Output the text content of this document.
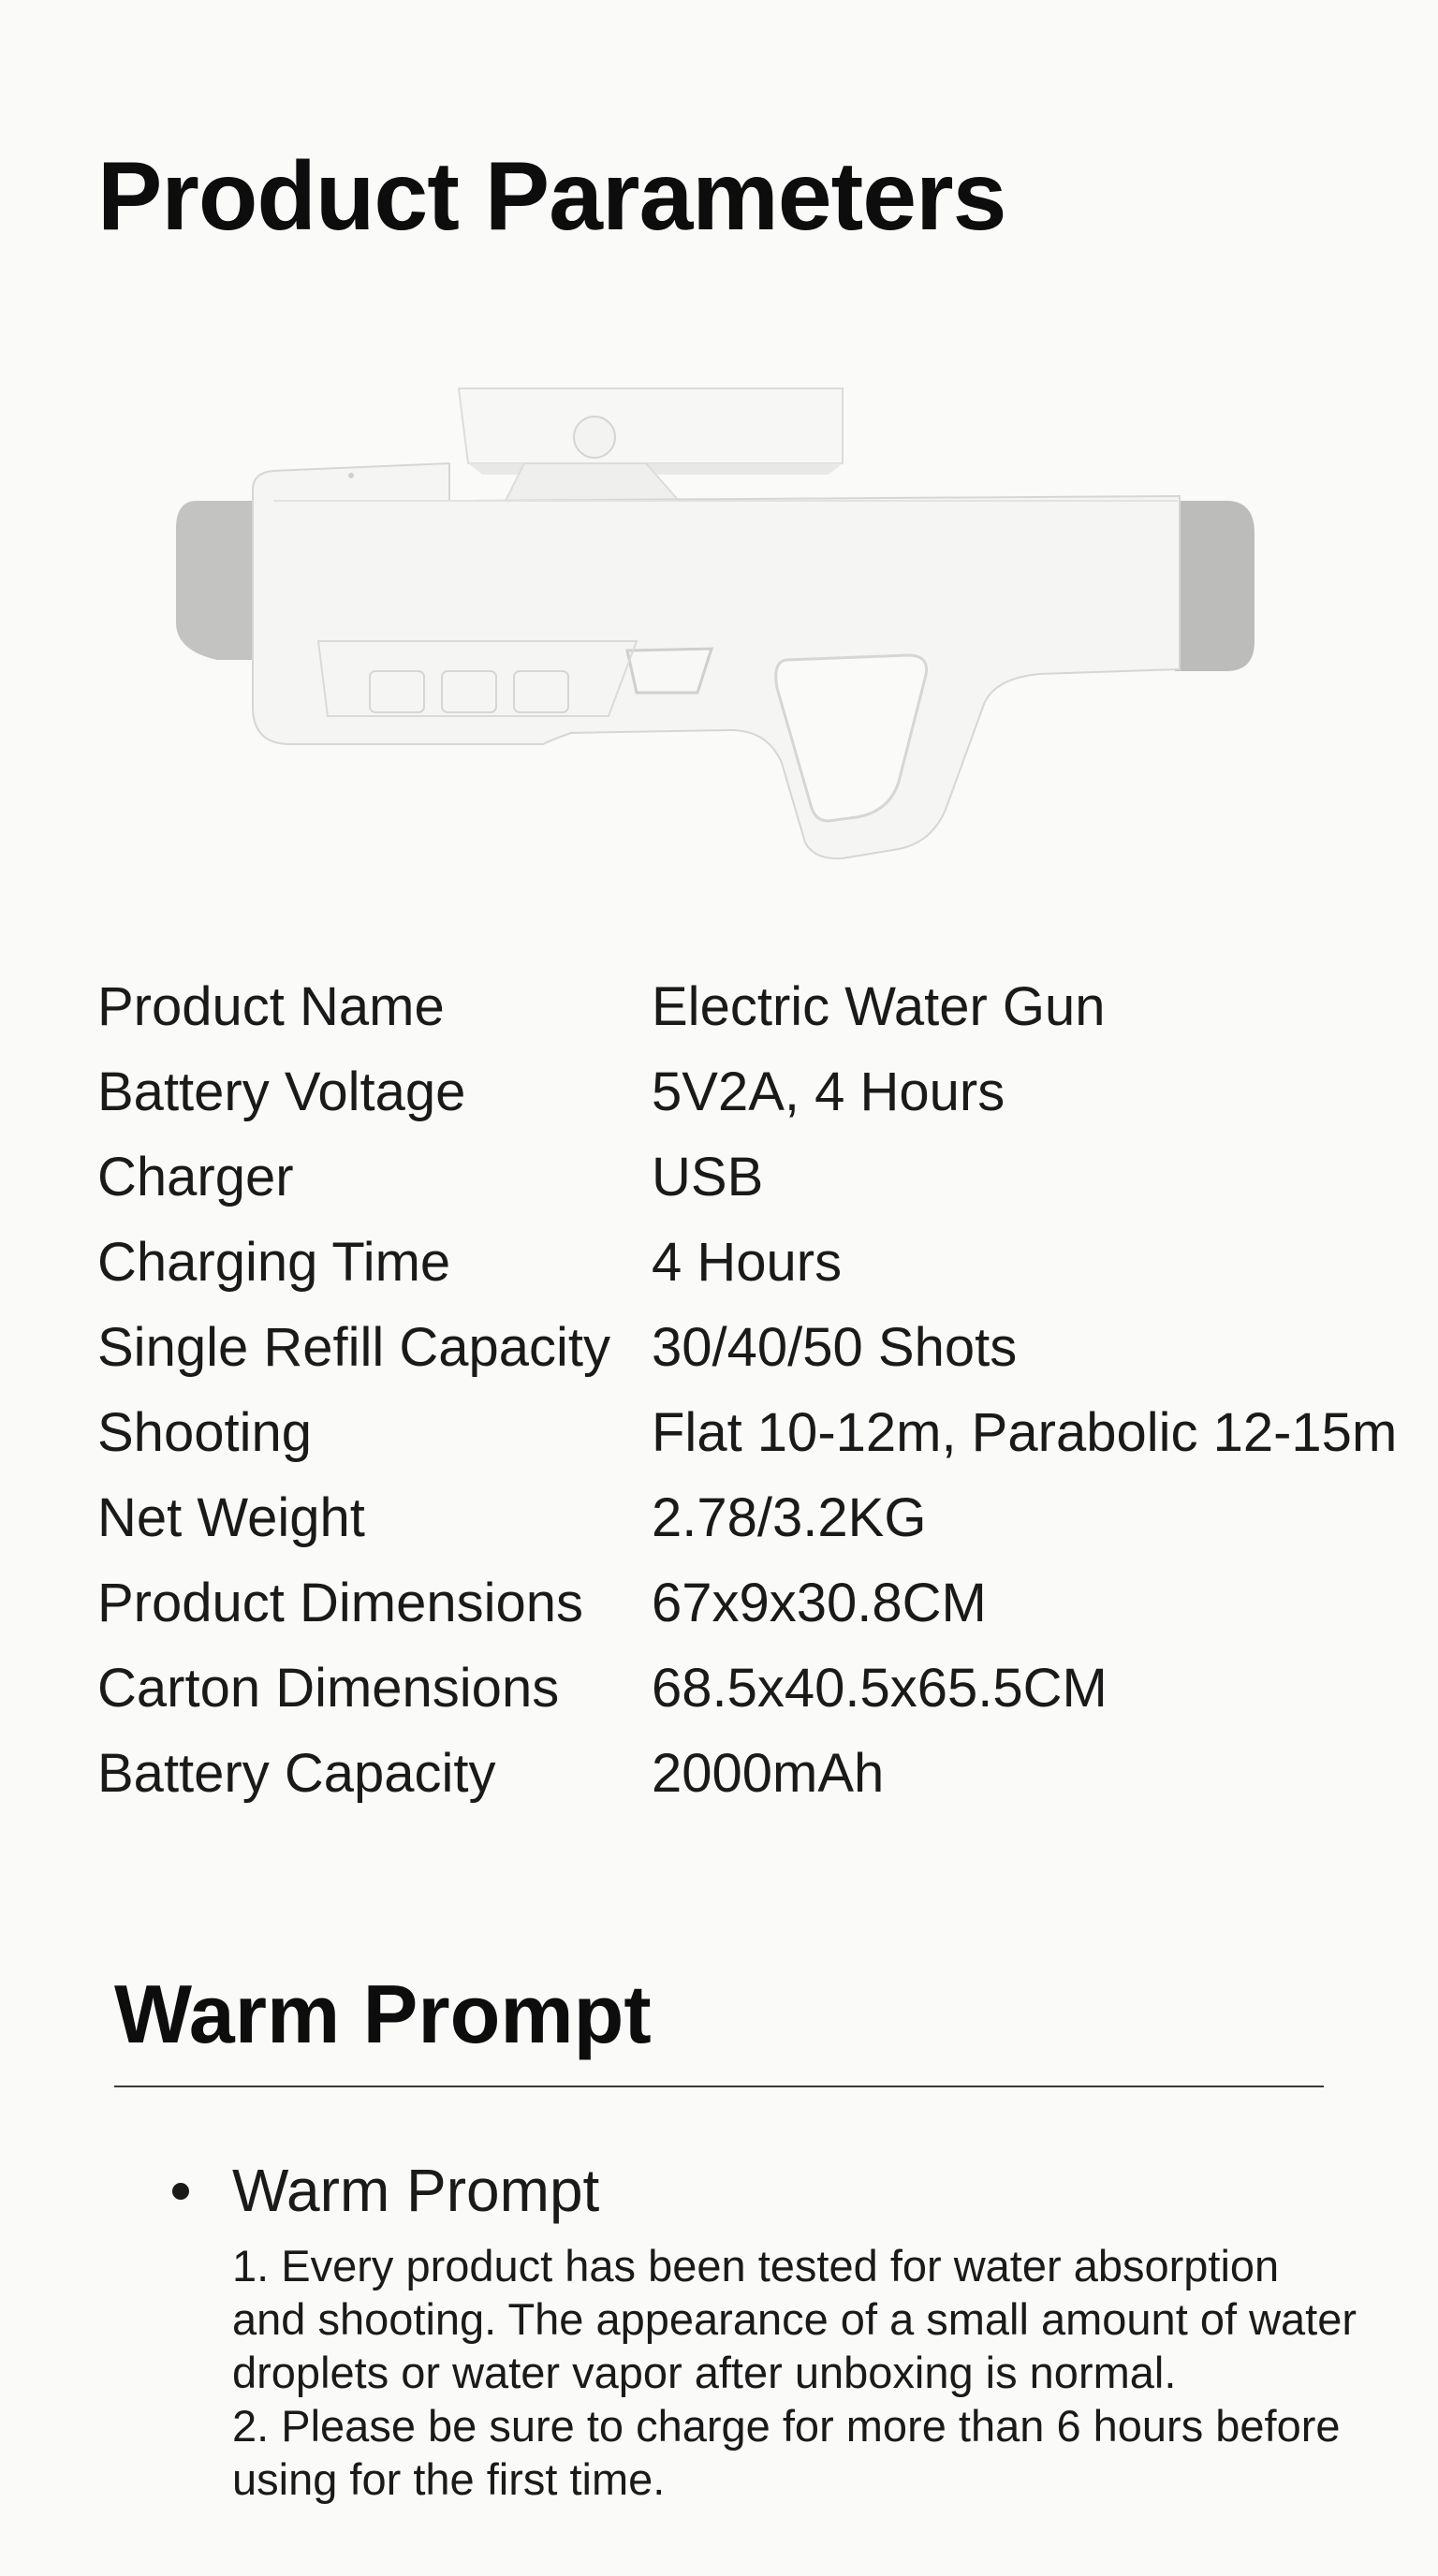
Product Parameters
Product Name	Electric Water Gun
Battery Voltage	5V2A, 4 Hours
Charger	USB
Charging Time	4 Hours
Single Refill Capacity 30/40/50 Shots
Shooting	Flat 10-12m, Parabolic 12-15m
Net Weight	2.78/3.2KG
Product Dimensions	67x9x30.8CM
Carton Dimensions	68.5x40.5x65.5CM
Battery Capacity	2000mAh
Warm Prompt
Warm Prompt
1. Every product has been tested for water absorption
and shooting. The appearance of a small amount of water
droplets or water vapor after unboxing is normal.
2. Please be sure to charge for more than 6 hours before
using for the first time.
